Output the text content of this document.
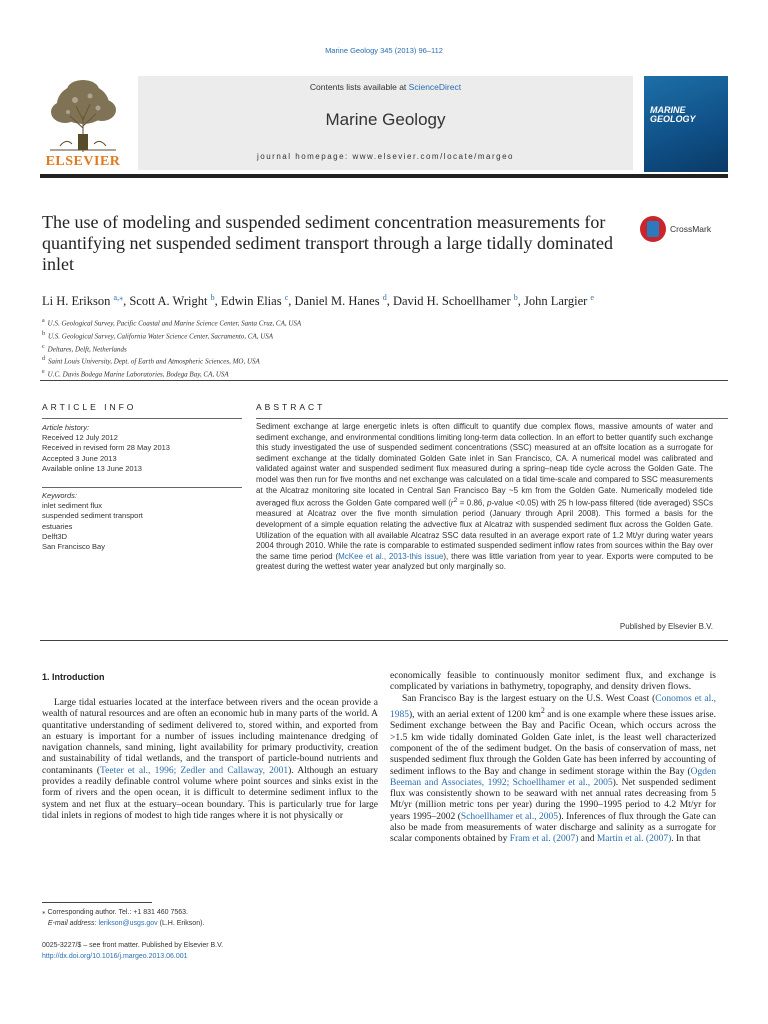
Marine Geology 345 (2013) 96–112
ELSEVIER
Contents lists available at ScienceDirect
Marine Geology
journal homepage: www.elsevier.com/locate/margeo
MARINE GEOLOGY
The use of modeling and suspended sediment concentration measurements for quantifying net suspended sediment transport through a large tidally dominated inlet
CrossMark
Li H. Erikson $^{a,⁎}$, Scott A. Wright $^b$, Edwin Elias $^c$, Daniel M. Hanes $^d$, David H. Schoellhamer $^b$, John Largier $^e$
$^a$ U.S. Geological Survey, Pacific Coastal and Marine Science Center, Santa Cruz, CA, USA
$^b$ U.S. Geological Survey, California Water Science Center, Sacramento, CA, USA
$^c$ Deltares, Delft, Netherlands
$^d$ Saint Louis University, Dept. of Earth and Atmospheric Sciences, MO, USA
$^e$ U.C. Davis Bodega Marine Laboratories, Bodega Bay, CA, USA
ARTICLE INFO
Article history:
Received 12 July 2012
Received in revised form 28 May 2013
Accepted 3 June 2013
Available online 13 June 2013
Keywords:
inlet sediment flux
suspended sediment transport
estuaries
Delft3D
San Francisco Bay
ABSTRACT
Sediment exchange at large energetic inlets is often difficult to quantify due complex flows, massive amounts of water and sediment exchange, and environmental conditions limiting long-term data collection. In an effort to better quantify such exchange this study investigated the use of suspended sediment concentrations (SSC) measured at an offsite location as a surrogate for sediment exchange at the tidally dominated Golden Gate inlet in San Francisco, CA. A numerical model was calibrated and validated against water and suspended sediment flux measured during a spring–neap tide cycle across the Golden Gate. The model was then run for five months and net exchange was calculated on a tidal time-scale and compared to SSC measurements at the Alcatraz monitoring site located in Central San Francisco Bay ~5 km from the Golden Gate. Numerically modeled tide averaged flux across the Golden Gate compared well ($r^2 = 0.86$, p-value <0.05) with 25 h low-pass filtered (tide averaged) SSCs measured at Alcatraz over the five month simulation period (January through April 2008). This formed a basis for the development of a simple equation relating the advective flux at Alcatraz with suspended sediment flux across the Golden Gate. Utilization of the equation with all available Alcatraz SSC data resulted in an average export rate of 1.2 Mt/yr during water years 2004 through 2010. While the rate is comparable to estimated suspended sediment inflow rates from sources within the Bay over the same time period (McKee et al., 2013-this issue), there was little variation from year to year. Exports were computed to be greatest during the wettest water year analyzed but only marginally so.
Published by Elsevier B.V.
1. Introduction

Large tidal estuaries located at the interface between rivers and the ocean provide a wealth of natural resources and are often an economic hub in many parts of the world. A quantitative understanding of sediment delivered to, stored within, and exported from an estuary is important for a number of issues including maintenance dredging of navigation channels, sand mining, light availability for primary productivity, creation and sustainability of tidal wetlands, and the transport of particle-bound nutrients and contaminants (Teeter et al., 1996; Zedler and Callaway, 2001). Although an estuary provides a readily definable control volume where point sources and sinks exist in the form of rivers and the open ocean, it is difficult to determine sediment influx to the system and net flux at the estuary–ocean boundary. This is particularly true for large tidal inlets in regions of modest to high tide ranges where it is not physically or

economically feasible to continuously monitor sediment flux, and exchange is complicated by variations in bathymetry, topography, and density driven flows.

San Francisco Bay is the largest estuary on the U.S. West Coast (Conomos et al., 1985), with an aerial extent of 1200 $km^2$ and is one example where these issues arise. Sediment exchange between the Bay and Pacific Ocean, which occurs across the >1.5 km wide tidally dominated Golden Gate inlet, is the least well characterized component of the of the sediment budget. On the basis of conservation of mass, net suspended sediment flux through the Golden Gate has been inferred by accounting of sediment inflows to the Bay and change in sediment storage within the Bay (Ogden Beeman and Associates, 1992; Schoellhamer et al., 2005). Net suspended sediment flux was consistently shown to be seaward with net annual rates decreasing from 5 Mt/yr (million metric tons per year) during the 1990–1995 period to 4.2 Mt/yr for years 1995–2002 (Schoellhamer et al., 2005). Inferences of flux through the Gate can also be made from measurements of water discharge and salinity as a surrogate for scalar components obtained by Fram et al. (2007) and Martin et al. (2007). In that

⁎ Corresponding author. Tel.: +1 831 460 7563.
E-mail address: lerikson@usgs.gov (L.H. Erikson).
0025-3227/$ – see front matter. Published by Elsevier B.V.
http://dx.doi.org/10.1016/j.margeo.2013.06.001
